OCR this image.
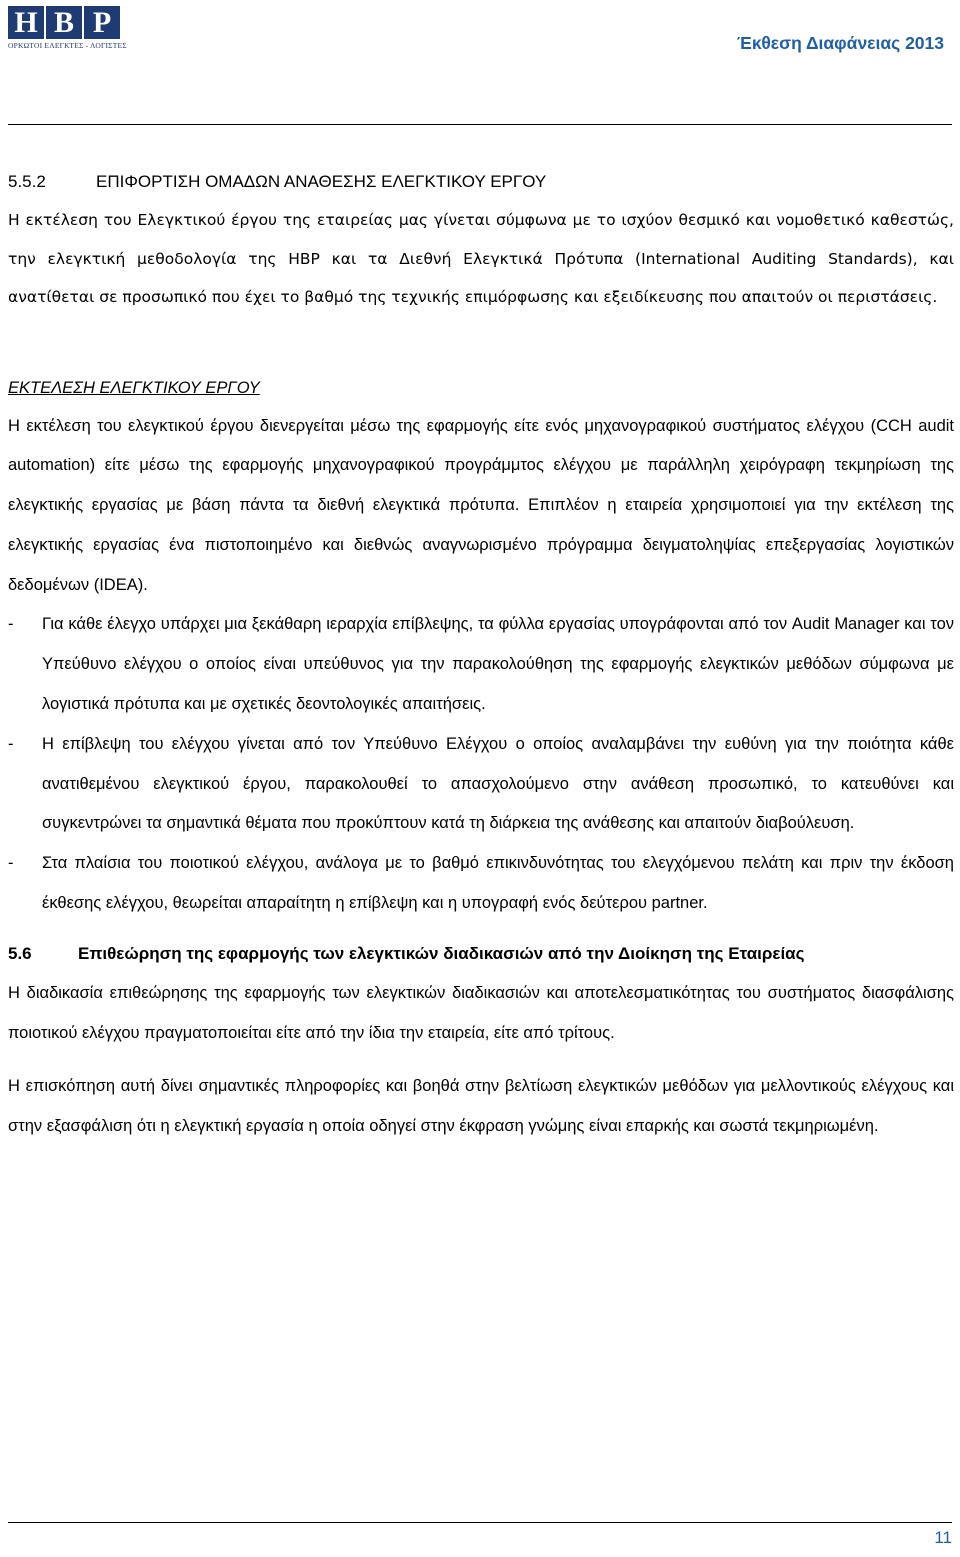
H B P
ΟΡΚΩΤΟΙ ΕΛΕΓΚΤΕΣ - ΛΟΓΙΣΤΕΣ	Έκθεση Διαφάνειας 2013
5.5.2	ΕΠΙΦΟΡΤΙΣΗ ΟΜΑΔΩΝ ΑΝΑΘΕΣΗΣ ΕΛΕΓΚΤΙΚΟΥ ΕΡΓΟΥ

Η εκτέλεση του Ελεγκτικού έργου της εταιρείας μας γίνεται σύμφωνα με το ισχύον θεσμικό και νομοθετικό καθεστώς, την ελεγκτική μεθοδολογία της HBP και τα Διεθνή Ελεγκτικά Πρότυπα (International Auditing Standards), και ανατίθεται σε προσωπικό που έχει το βαθμό της τεχνικής επιμόρφωσης και εξειδίκευσης που απαιτούν οι περιστάσεις.

ΕΚΤΕΛΕΣΗ ΕΛΕΓΚΤΙΚΟΥ ΕΡΓΟΥ

Η εκτέλεση του ελεγκτικού έργου διενεργείται μέσω της εφαρμογής είτε ενός μηχανογραφικού συστήματος ελέγχου (CCH audit automation) είτε μέσω της εφαρμογής μηχανογραφικού προγράμμτος ελέγχου με παράλληλη χειρόγραφη τεκμηρίωση της ελεγκτικής εργασίας με βάση πάντα τα διεθνή ελεγκτικά πρότυπα. Επιπλέον η εταιρεία χρησιμοποιεί για την εκτέλεση της ελεγκτικής εργασίας ένα πιστοποιημένο και διεθνώς αναγνωρισμένο πρόγραμμα δειγματοληψίας επεξεργασίας λογιστικών δεδομένων (IDEA).

-	Για κάθε έλεγχο υπάρχει μια ξεκάθαρη ιεραρχία επίβλεψης, τα φύλλα εργασίας υπογράφονται από τον Audit Manager και τον Υπεύθυνο ελέγχου ο οποίος είναι υπεύθυνος για την παρακολούθηση της εφαρμογής ελεγκτικών μεθόδων σύμφωνα με λογιστικά πρότυπα και με σχετικές δεοντολογικές απαιτήσεις.
-	Η επίβλεψη του ελέγχου γίνεται από τον Υπεύθυνο Ελέγχου ο οποίος αναλαμβάνει την ευθύνη για την ποιότητα κάθε ανατιθεμένου ελεγκτικού έργου, παρακολουθεί το απασχολούμενο στην ανάθεση προσωπικό, το κατευθύνει και συγκεντρώνει τα σημαντικά θέματα που προκύπτουν κατά τη διάρκεια της ανάθεσης και απαιτούν διαβούλευση.
-	Στα πλαίσια του ποιοτικού ελέγχου, ανάλογα με το βαθμό επικινδυνότητας του ελεγχόμενου πελάτη και πριν την έκδοση έκθεσης ελέγχου, θεωρείται απαραίτητη η επίβλεψη και η υπογραφή ενός δεύτερου partner.
5.6	Επιθεώρηση της εφαρμογής των ελεγκτικών διαδικασιών από την Διοίκηση της Εταιρείας

Η διαδικασία επιθεώρησης της εφαρμογής των ελεγκτικών διαδικασιών και αποτελεσματικότητας του συστήματος διασφάλισης ποιοτικού ελέγχου πραγματοποιείται είτε από την ίδια την εταιρεία, είτε από τρίτους.

Η επισκόπηση αυτή δίνει σημαντικές πληροφορίες και βοηθά στην βελτίωση ελεγκτικών μεθόδων για μελλοντικούς ελέγχους και στην εξασφάλιση ότι η ελεγκτική εργασία η οποία οδηγεί στην έκφραση γνώμης είναι επαρκής και σωστά τεκμηριωμένη.

11
